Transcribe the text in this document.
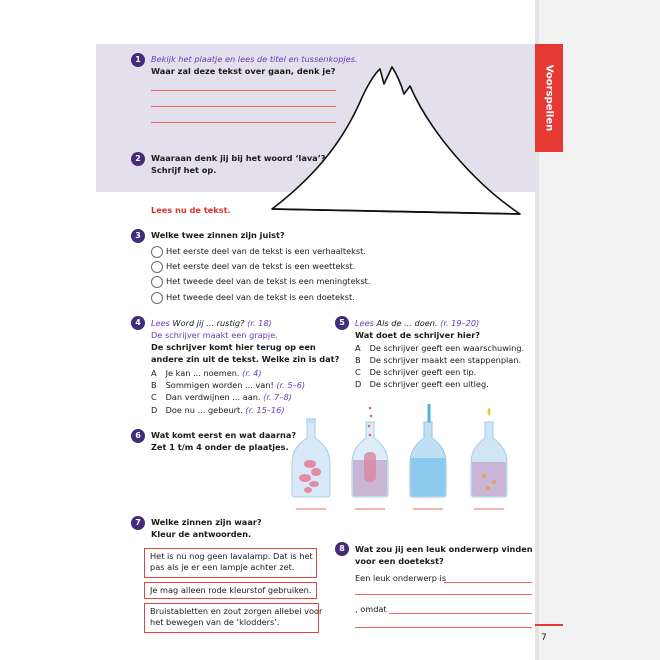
Voorspellen
1	Bekijk het plaatje en lees de titel en tussenkopjes.
Waar zal deze tekst over gaan, denk je?
2	Waaraan denk jij bij het woord ‘lava’?
Schrijf het op.
Lees nu de tekst.
3	Welke twee zinnen zijn juist?
Het eerste deel van de tekst is een verhaaltekst.
Het eerste deel van de tekst is een weettekst.
Het tweede deel van de tekst is een meningtekst.
Het tweede deel van de tekst is een doetekst.
4	Lees Word jij ... rustig? (r. 18)
De schrijver maakt een grapje.
De schrijver komt hier terug op een
andere zin uit de tekst. Welke zin is dat?
A Je kan ... noemen. (r. 4)
B Sommigen worden ... van! (r. 5–6)
C Dan verdwijnen ... aan. (r. 7–8)
D Doe nu ... gebeurt. (r. 15–16)
5	Lees Als de ... doen. (r. 19–20)
Wat doet de schrijver hier?
A De schrijver geeft een waarschuwing.
B De schrijver maakt een stappenplan.
C De schrijver geeft een tip.
D De schrijver geeft een uitleg.
6	Wat komt eerst en wat daarna?
Zet 1 t/m 4 onder de plaatjes.
7	Welke zinnen zijn waar?
Kleur de antwoorden.
Het is nu nog geen lavalamp. Dat is het
pas als je er een lampje achter zet.
Je mag alleen rode kleurstof gebruiken.
Bruistabletten en zout zorgen allebei voor
het bewegen van de ‘klodders’.
8	Wat zou jij een leuk onderwerp vinden
voor een doetekst?
Een leuk onderwerp is
, omdat
7
